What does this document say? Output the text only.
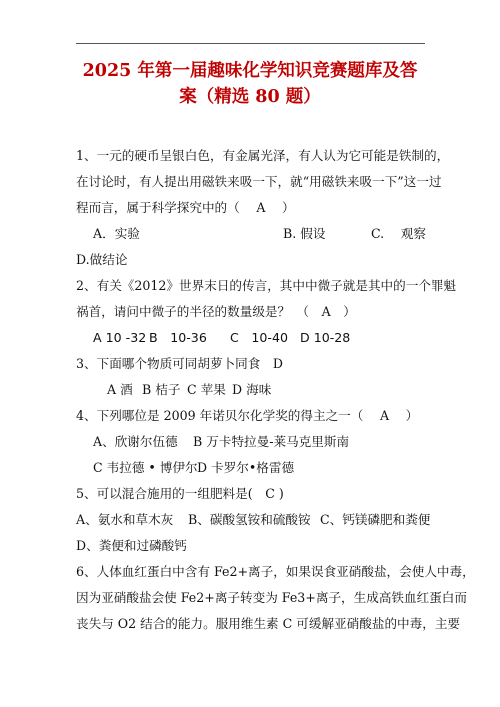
2025 年第一届趣味化学知识竞赛题库及答
案（精选 80 题）
1、一元的硬币呈银白色，有金属光泽，有人认为它可能是铁制的，
在讨论时，有人提出用磁铁来吸一下，就“用磁铁来吸一下”这一过
程而言，属于科学探究中的（　 A　 ）
A．实验	B. 假设	C.　 观察
D.做结论
2、有关《2012》世界末日的传言，其中中微子就是其中的一个罪魁
祸首，请问中微子的半径的数量级是？　（　A　）
A 10 -32 B　10-36 C　10-40 D 10-28
3、下面哪个物质可同胡萝卜同食　D
A 酒 B 桔子 C 苹果 D 海味
4、下列哪位是 2009 年诺贝尔化学奖的得主之一（　 A　 ）
A、欣谢尔伍德 B 万卡特拉曼-莱马克里斯南
C 韦拉德 • 博伊尔 D 卡罗尔•格雷德
5、可以混合施用的一组肥料是(　C )
A、氨水和草木灰 B、碳酸氢铵和硫酸铵 C、钙镁磷肥和粪便
D、粪便和过磷酸钙
6、人体血红蛋白中含有 Fe2+离子，如果误食亚硝酸盐，会使人中毒，
因为亚硝酸盐会使 Fe2+离子转变为 Fe3+离子，生成高铁血红蛋白而
丧失与 O2 结合的能力。服用维生素 C 可缓解亚硝酸盐的中毒，主要
